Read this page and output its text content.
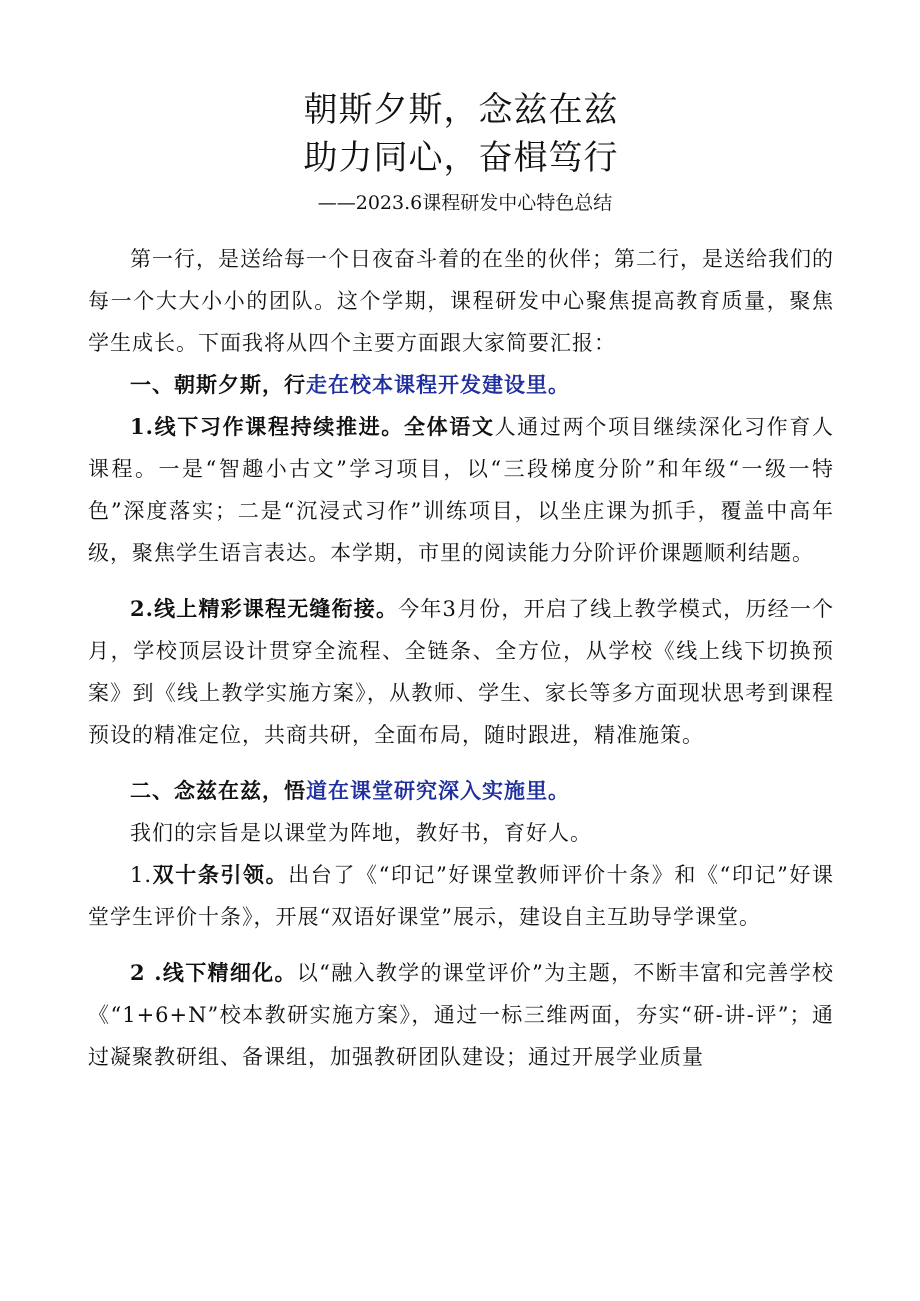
朝斯夕斯，念兹在兹
助力同心，奋楫笃行
——2023.6课程研发中心特色总结

第一行，是送给每一个日夜奋斗着的在坐的伙伴；第二行，是送给我们的每一个大大小小的团队。这个学期，课程研发中心聚焦提高教育质量，聚焦学生成长。下面我将从四个主要方面跟大家简要汇报：

一、朝斯夕斯，行走在校本课程开发建设里。

1.线下习作课程持续推进。全体语文人通过两个项目继续深化习作育人课程。一是“智趣小古文”学习项目，以“三段梯度分阶”和年级“一级一特色”深度落实；二是“沉浸式习作”训练项目，以坐庄课为抓手，覆盖中高年级，聚焦学生语言表达。本学期，市里的阅读能力分阶评价课题顺利结题。

2.线上精彩课程无缝衔接。今年3月份，开启了线上教学模式，历经一个月，学校顶层设计贯穿全流程、全链条、全方位，从学校《线上线下切换预案》到《线上教学实施方案》，从教师、学生、家长等多方面现状思考到课程预设的精准定位，共商共研，全面布局，随时跟进，精准施策。

二、念兹在兹，悟道在课堂研究深入实施里。

我们的宗旨是以课堂为阵地，教好书，育好人。

1.双十条引领。出台了《“印记”好课堂教师评价十条》和《“印记”好课堂学生评价十条》，开展“双语好课堂”展示，建设自主互助导学课堂。

2 .线下精细化。以“融入教学的课堂评价”为主题，不断丰富和完善学校《“1+6+N”校本教研实施方案》，通过一标三维两面，夯实“研-讲-评”；通过凝聚教研组、备课组，加强教研团队建设；通过开展学业质量
